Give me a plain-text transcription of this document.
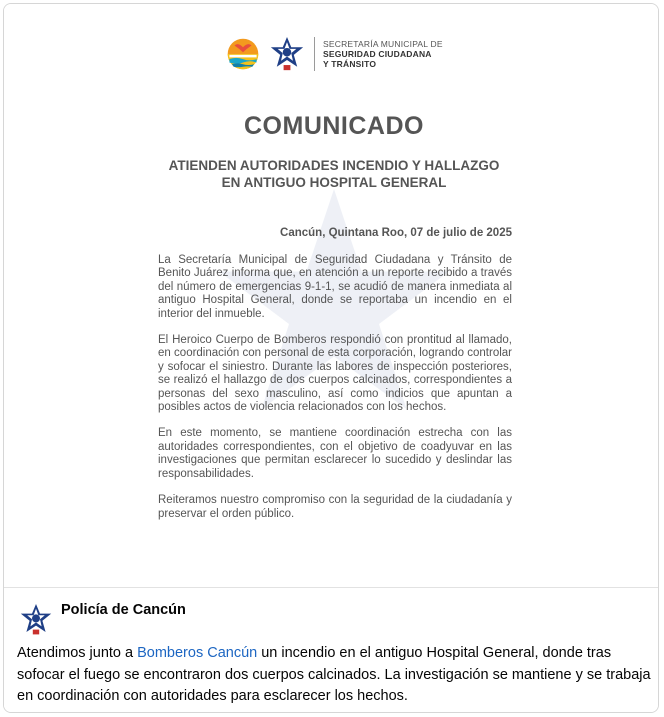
SECRETARÍA MUNICIPAL DE
SEGURIDAD CIUDADANA
Y TRÁNSITO
COMUNICADO
ATIENDEN AUTORIDADES INCENDIO Y HALLAZGO
EN ANTIGUO HOSPITAL GENERAL
Cancún, Quintana Roo, 07 de julio de 2025

La Secretaría Municipal de Seguridad Ciudadana y Tránsito de Benito Juárez informa que, en atención a un reporte recibido a través del número de emergencias 9-1-1, se acudió de manera inmediata al antiguo Hospital General, donde se reportaba un incendio en el interior del inmueble.

El Heroico Cuerpo de Bomberos respondió con prontitud al llamado, en coordinación con personal de esta corporación, logrando controlar y sofocar el siniestro. Durante las labores de inspección posteriores, se realizó el hallazgo de dos cuerpos calcinados, correspondientes a personas del sexo masculino, así como indicios que apuntan a posibles actos de violencia relacionados con los hechos.

En este momento, se mantiene coordinación estrecha con las autoridades correspondientes, con el objetivo de coadyuvar en las investigaciones que permitan esclarecer lo sucedido y deslindar las responsabilidades.

Reiteramos nuestro compromiso con la seguridad de la ciudadanía y preservar el orden público.

Policía de Cancún
Atendimos junto a Bomberos Cancún un incendio en el antiguo Hospital General, donde tras sofocar el fuego se encontraron dos cuerpos calcinados. La investigación se mantiene y se trabaja en coordinación con autoridades para esclarecer los hechos.
